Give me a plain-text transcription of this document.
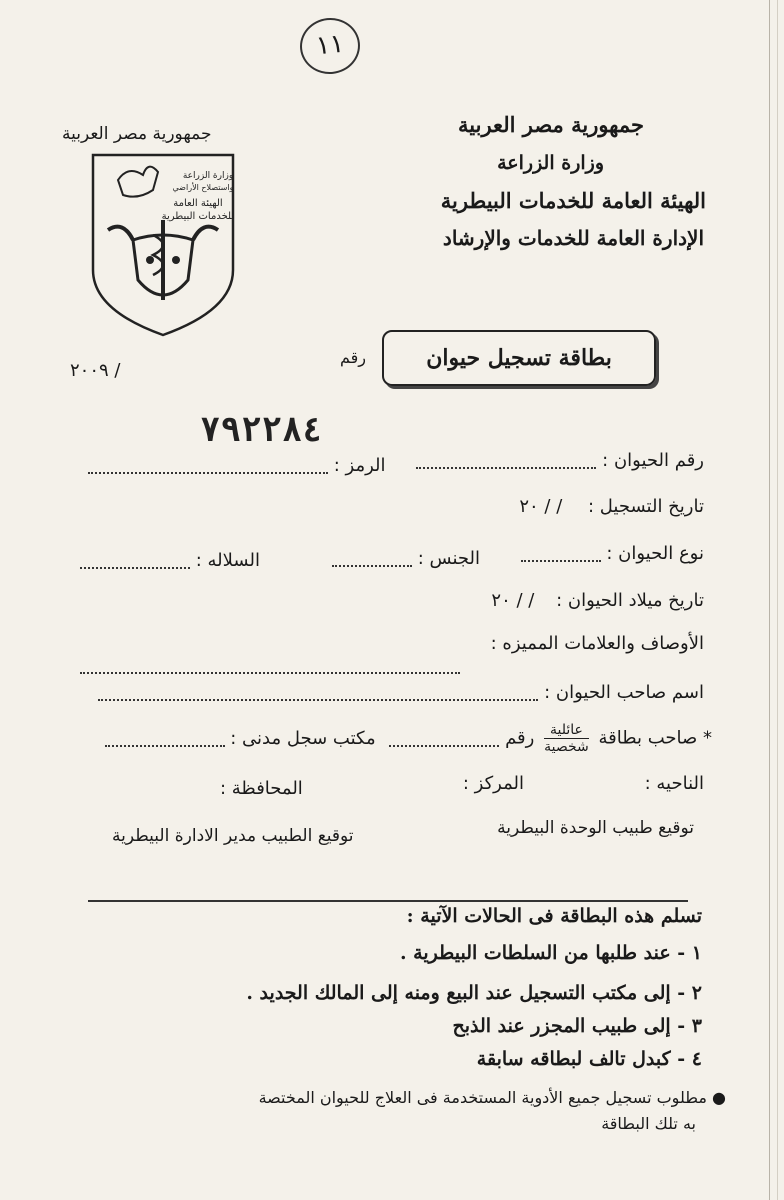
١١
جمهورية مصر العربية
وزارة الزراعة
الهيئة العامة للخدمات البيطرية
الإدارة العامة للخدمات والإرشاد
جمهورية مصر العربية
وزارة الزراعة
واستصلاح الأراضي
الهيئة العامة
للخدمات البيطرية
بطاقة تسجيل حيوان
رقم
٢٠٠٩ /
٧٩٢٢٨٤
رقم الحيوان :
الرمز :
تاريخ التسجيل : / / ٢٠
نوع الحيوان :
الجنس :
السلاله :
تاريخ ميلاد الحيوان : / / ٢٠
الأوصاف والعلامات المميزه :
اسم صاحب الحيوان :
* صاحب بطاقة
$\frac{\text{عائلية}}{\text{شخصية}}$
رقم  مكتب سجل مدنى :
الناحيه :
المركز :
المحافظة :
توقيع طبيب الوحدة البيطرية
توقيع الطبيب مدير الادارة البيطرية
تسلم هذه البطاقة فى الحالات الآتية :
١ - عند طلبها من السلطات البيطرية .
٢ - إلى مكتب التسجيل عند البيع ومنه إلى المالك الجديد .
٣ - إلى طبيب المجزر عند الذبح
٤ - كبدل تالف لبطاقه سابقة
● مطلوب تسجيل جميع الأدوية المستخدمة فى العلاج للحيوان المختصة
به تلك البطاقة
